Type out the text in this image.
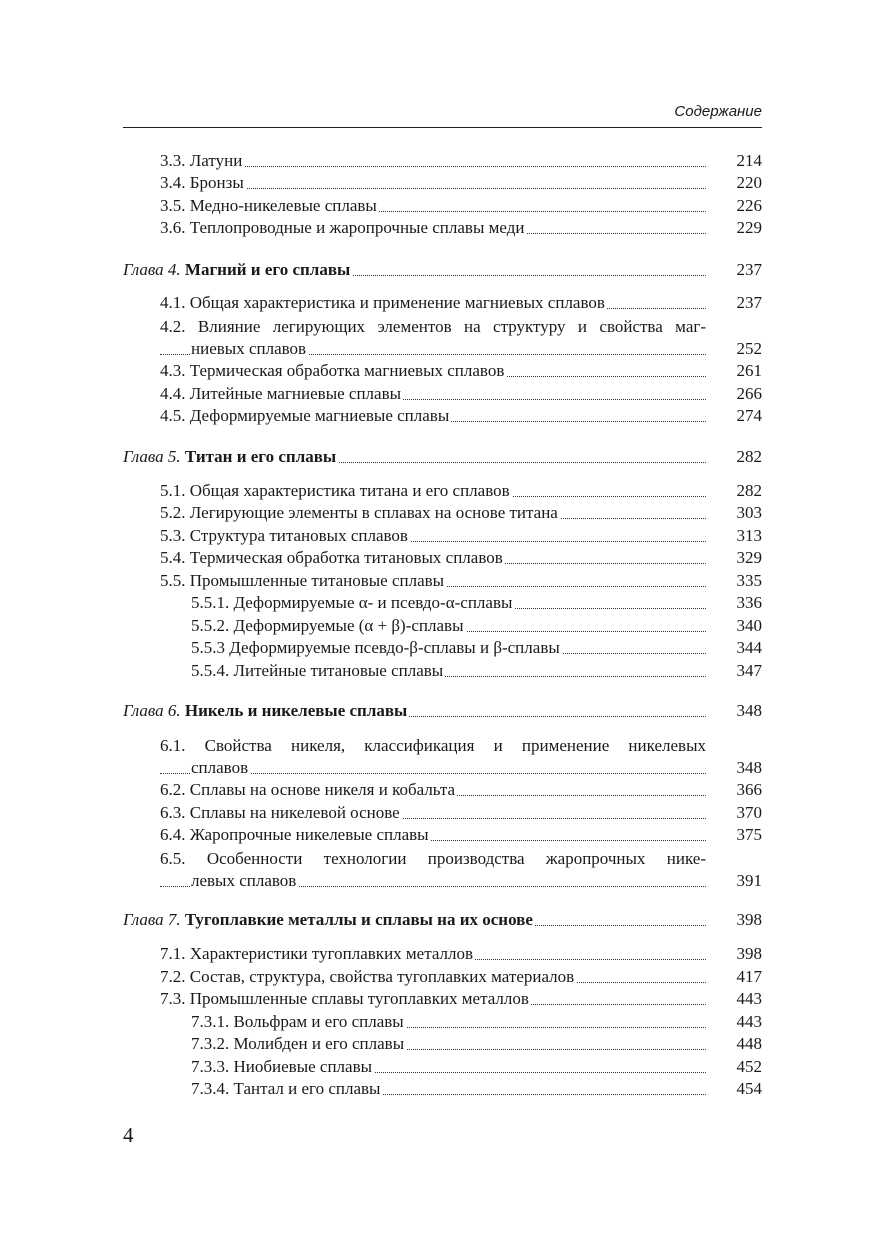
Содержание
3.3. Латуни	214
3.4. Бронзы	220
3.5. Медно-никелевые сплавы	226
3.6. Теплопроводные и жаропрочные сплавы меди	229
Глава 4. Магний и его сплавы	237
4.1. Общая характеристика и применение магниевых сплавов	237
4.2. Влияние легирующих элементов на структуру и свойства маг-
ниевых сплавов	252
4.3. Термическая обработка магниевых сплавов	261
4.4. Литейные магниевые сплавы	266
4.5. Деформируемые магниевые сплавы	274
Глава 5. Титан и его сплавы	282
5.1. Общая характеристика титана и его сплавов	282
5.2. Легирующие элементы в сплавах на основе титана	303
5.3. Структура титановых сплавов	313
5.4. Термическая обработка титановых сплавов	329
5.5. Промышленные титановые сплавы	335
5.5.1. Деформируемые α- и псевдо-α-сплавы	336
5.5.2. Деформируемые (α + β)-сплавы	340
5.5.3 Деформируемые псевдо-β-сплавы и β-сплавы	344
5.5.4. Литейные титановые сплавы	347
Глава 6. Никель и никелевые сплавы	348
6.1. Свойства никеля, классификация и применение никелевых
сплавов	348
6.2. Сплавы на основе никеля и кобальта	366
6.3. Сплавы на никелевой основе	370
6.4. Жаропрочные никелевые сплавы	375
6.5. Особенности технологии производства жаропрочных нике-
левых сплавов	391
Глава 7. Тугоплавкие металлы и сплавы на их основе	398
7.1. Характеристики тугоплавких металлов	398
7.2. Состав, структура, свойства тугоплавких материалов	417
7.3. Промышленные сплавы тугоплавких металлов	443
7.3.1. Вольфрам и его сплавы	443
7.3.2. Молибден и его сплавы	448
7.3.3. Ниобиевые сплавы	452
7.3.4. Тантал и его сплавы	454
4
